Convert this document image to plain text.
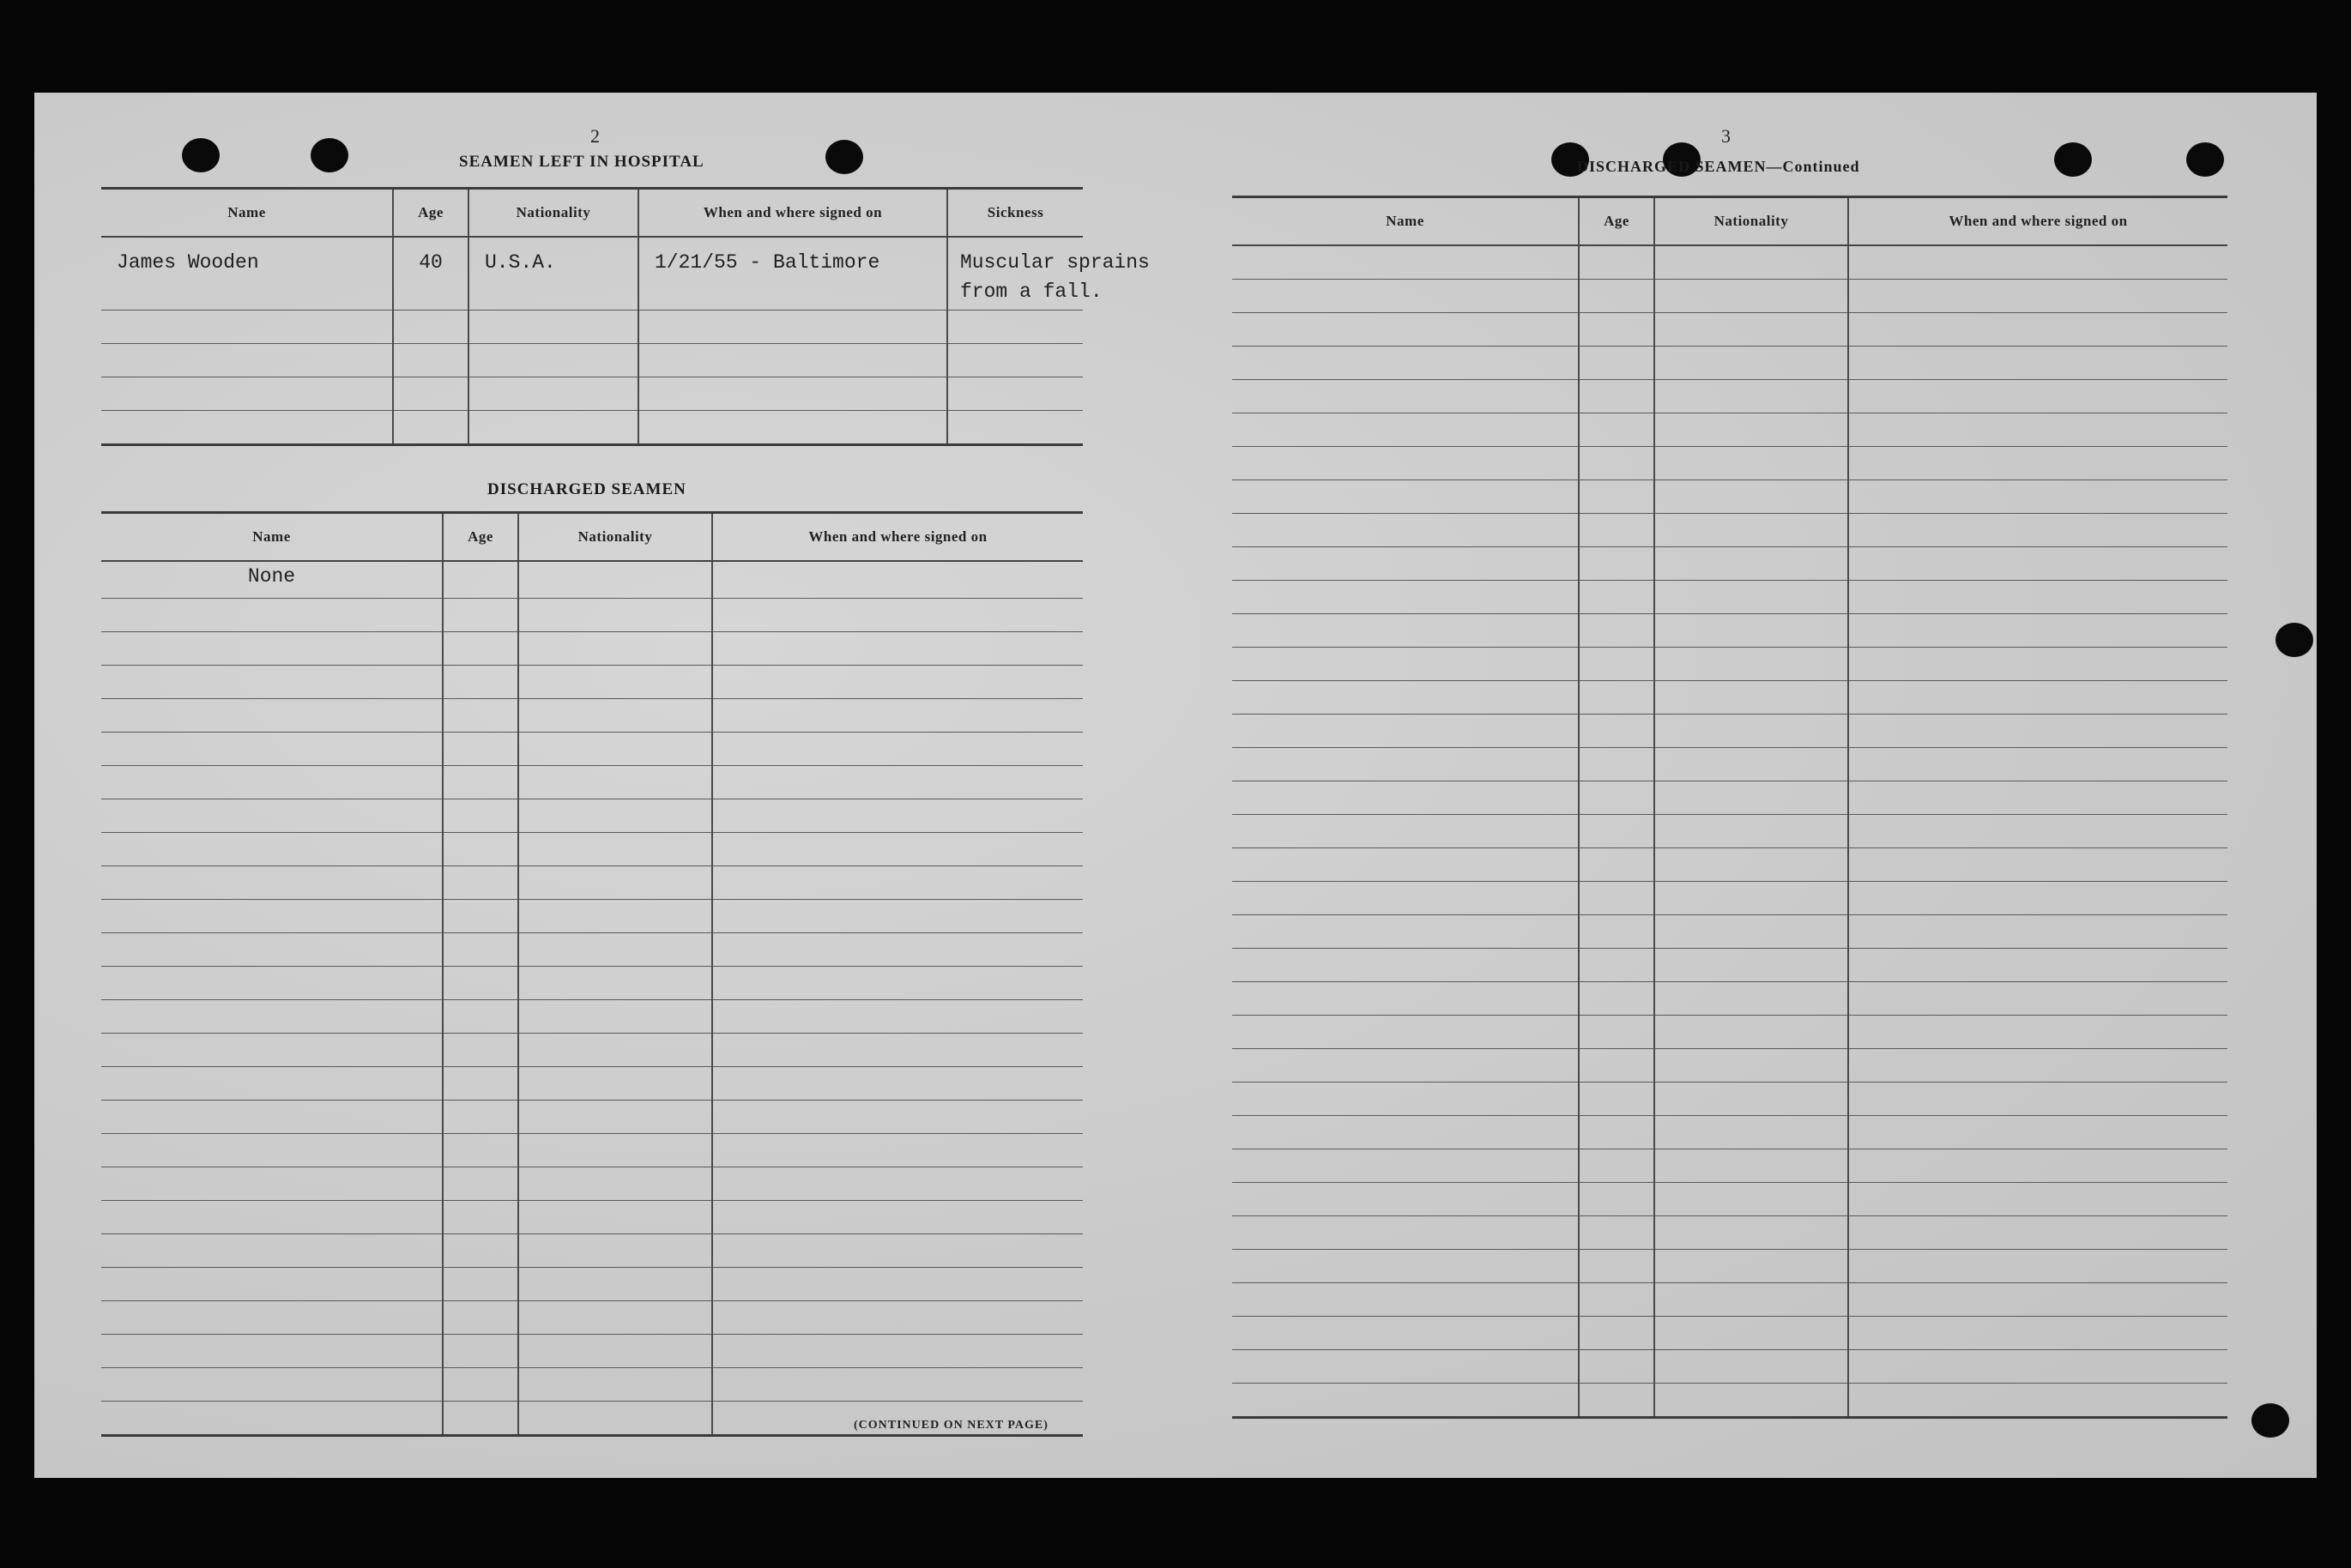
2
SEAMEN LEFT IN HOSPITAL
Name	Age	Nationality	When and where signed on	Sickness
James Wooden	40	U.S.A.	1/21/55 - Baltimore	Muscular sprains
from a fall.

DISCHARGED SEAMEN
Name	Age	Nationality	When and where signed on
None			

(CONTINUED ON NEXT PAGE)
3
DISCHARGED SEAMEN—Continued
Name	Age	Nationality	When and where signed on
